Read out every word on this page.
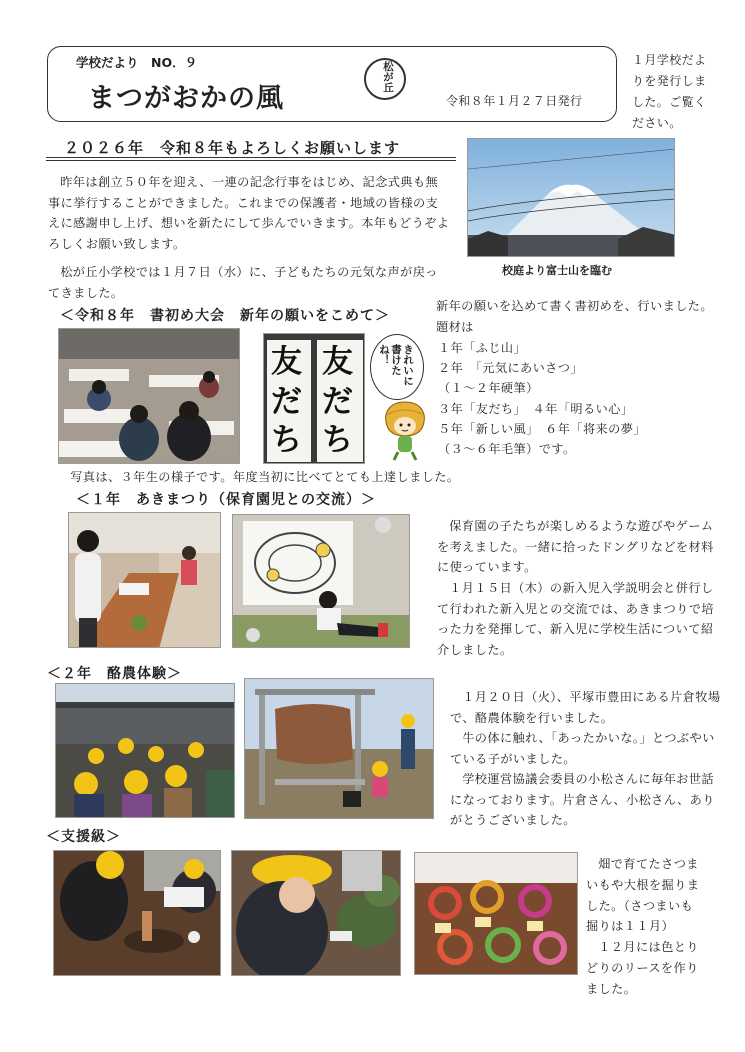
学校だより　NO．９
まつがおかの風
松が丘
令和８年１月２７日発行
１月学校だよりを発行しました。ご覧ください。
２０２６年　令和８年もよろしくお願いします
昨年は創立５０年を迎え、一連の記念行事をはじめ、記念式典も無事に挙行することができました。これまでの保護者・地域の皆様の支えに感謝申し上げ、想いを新たにして歩んでいきます。本年もどうぞよろしくお願い致します。
松が丘小学校では１月７日（水）に、子どもたちの元気な声が戻ってきました。
校庭より富士山を臨む
＜令和８年　書初め大会　新年の願いをこめて＞
友
だ
ち
友
だ
ち
きれいに書けたね！
新年の願いを込めて書く書初めを、行いました。題材は
１年「ふじ山」
２年　「元気にあいさつ」
（１～２年硬筆）
３年「友だち」　４年「明るい心」
５年「新しい風」　６年「将来の夢」
（３～６年毛筆）です。
写真は、３年生の様子です。年度当初に比べてとても上達しました。
＜１年　あきまつり（保育園児との交流）＞
保育園の子たちが楽しめるような遊びやゲームを考えました。一緒に拾ったドングリなどを材料に使っています。
１月１５日（木）の新入児入学説明会と併行して行われた新入児との交流では、あきまつりで培った力を発揮して、新入児に学校生活について紹介しました。
＜２年　酪農体験＞
１月２０日（火）、平塚市豊田にある片倉牧場で、酪農体験を行いました。
牛の体に触れ、「あったかいな。」とつぶやいている子がいました。
学校運営協議会委員の小松さんに毎年お世話になっております。片倉さん、小松さん、ありがとうございました。
＜支援級＞
畑で育てたさつまいもや大根を掘りました。（さつまいも掘りは１１月）
１２月には色とりどりのリースを作りました。
